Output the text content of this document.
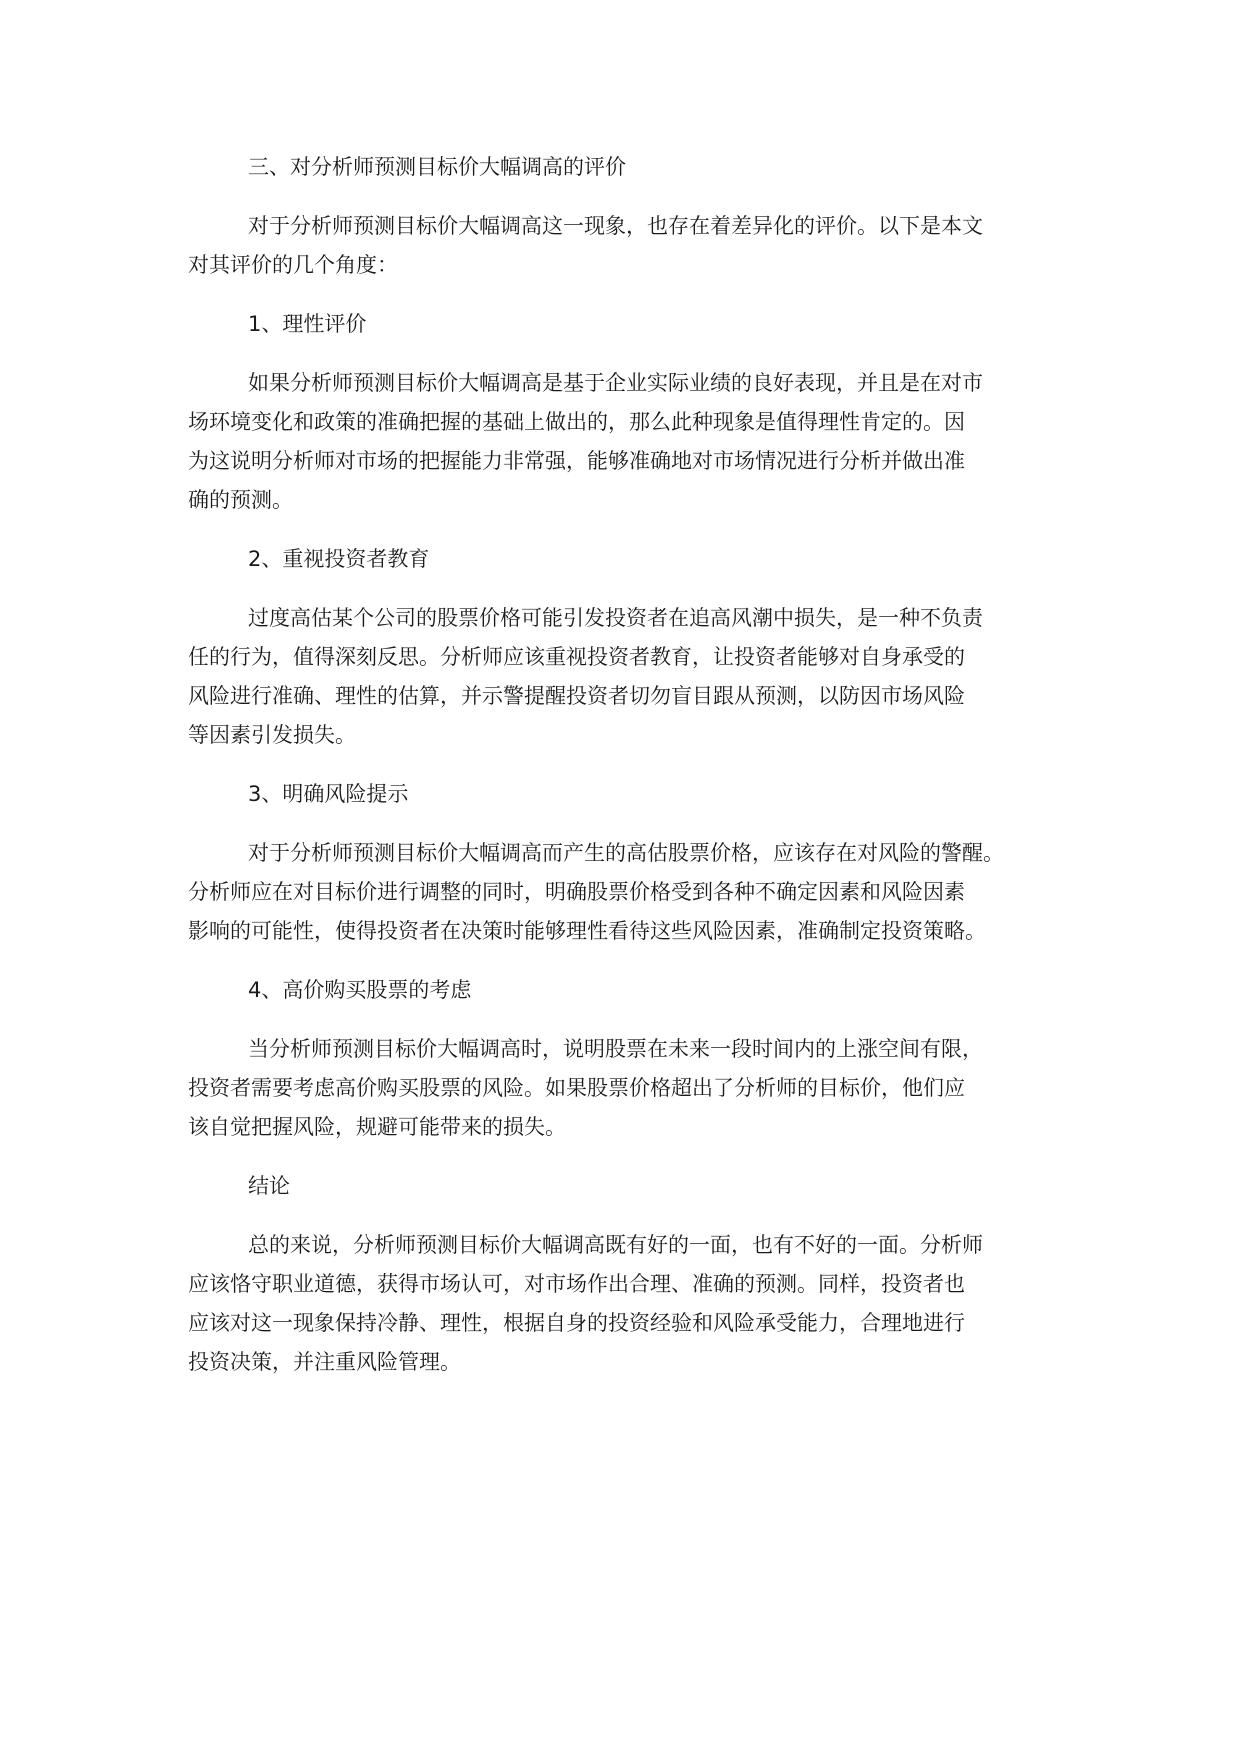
三、对分析师预测目标价大幅调高的评价

对于分析师预测目标价大幅调高这一现象，也存在着差异化的评价。以下是本文
对其评价的几个角度：

1、理性评价

如果分析师预测目标价大幅调高是基于企业实际业绩的良好表现，并且是在对市
场环境变化和政策的准确把握的基础上做出的，那么此种现象是值得理性肯定的。因
为这说明分析师对市场的把握能力非常强，能够准确地对市场情况进行分析并做出准
确的预测。

2、重视投资者教育

过度高估某个公司的股票价格可能引发投资者在追高风潮中损失，是一种不负责
任的行为，值得深刻反思。分析师应该重视投资者教育，让投资者能够对自身承受的
风险进行准确、理性的估算，并示警提醒投资者切勿盲目跟从预测，以防因市场风险
等因素引发损失。

3、明确风险提示

对于分析师预测目标价大幅调高而产生的高估股票价格，应该存在对风险的警醒。
分析师应在对目标价进行调整的同时，明确股票价格受到各种不确定因素和风险因素
影响的可能性，使得投资者在决策时能够理性看待这些风险因素，准确制定投资策略。

4、高价购买股票的考虑

当分析师预测目标价大幅调高时，说明股票在未来一段时间内的上涨空间有限，
投资者需要考虑高价购买股票的风险。如果股票价格超出了分析师的目标价，他们应
该自觉把握风险，规避可能带来的损失。

结论

总的来说，分析师预测目标价大幅调高既有好的一面，也有不好的一面。分析师
应该恪守职业道德，获得市场认可，对市场作出合理、准确的预测。同样，投资者也
应该对这一现象保持冷静、理性，根据自身的投资经验和风险承受能力，合理地进行
投资决策，并注重风险管理。
